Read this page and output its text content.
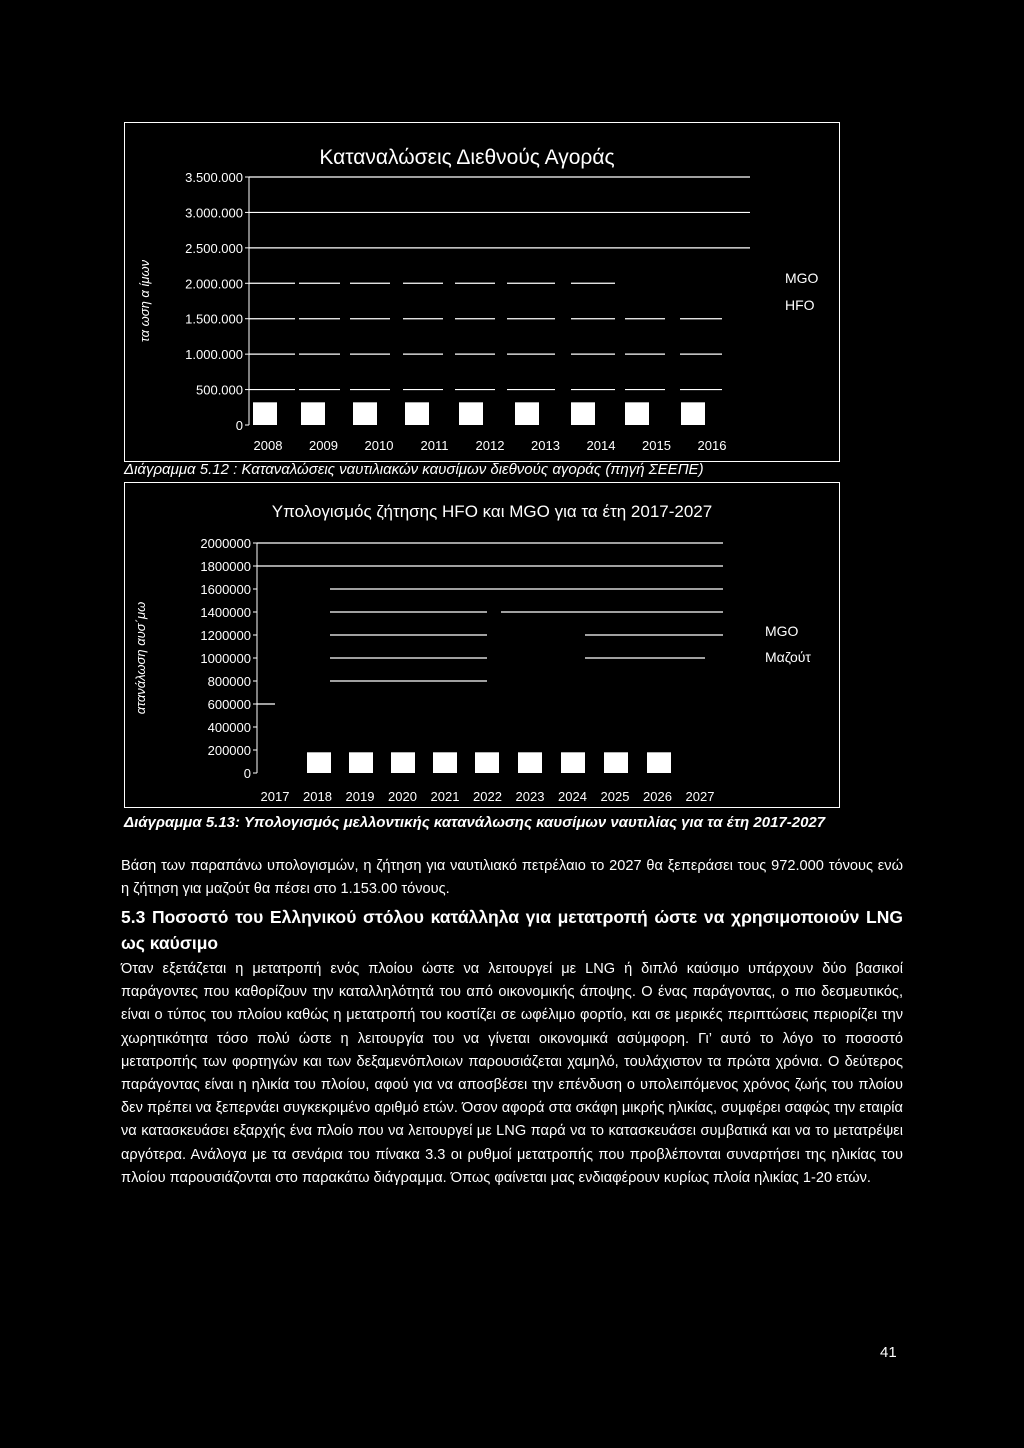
Καταναλώσεις Διεθνούς Αγοράς
τα ωση α ίμων
3.500.000
3.000.000
2.500.000
2.000.000
1.500.000
1.000.000
500.000
0
2008 2009 2010 2011 2012 2013 2014 2015 2016
MGO
HFO
Διάγραμμα 5.12 : Καταναλώσεις ναυτιλιακών καυσίμων διεθνούς αγοράς (πηγή ΣΕΕΠΕ)
Υπολογισμός ζήτησης HFO και MGO για τα έτη 2017-2027
ατανάλωση αυσ΄μω
2000000
1800000
1600000
1400000
1200000
1000000
800000
600000
400000
200000
0
2017 2018 2019 2020 2021 2022 2023 2024 2025 2026 2027
MGO
Μαζούτ
Διάγραμμα 5.13: Υπολογισμός μελλοντικής κατανάλωσης καυσίμων ναυτιλίας για τα έτη 2017-2027
Βάση των παραπάνω υπολογισμών, η ζήτηση για ναυτιλιακό πετρέλαιο το 2027 θα ξεπεράσει τους 972.000 τόνους ενώ η ζήτηση για μαζούτ θα πέσει στο 1.153.00 τόνους.
5.3 Ποσοστό του Ελληνικού στόλου κατάλληλα για μετατροπή ώστε να χρησιμοποιούν LNG ως καύσιμο
Όταν εξετάζεται η μετατροπή ενός πλοίου ώστε να λειτουργεί με LNG ή διπλό καύσιμο υπάρχουν δύο βασικοί παράγοντες που καθορίζουν την καταλληλότητά του από οικονομικής άποψης. Ο ένας παράγοντας, ο πιο δεσμευτικός, είναι ο τύπος του πλοίου καθώς η μετατροπή του κοστίζει σε ωφέλιμο φορτίο, και σε μερικές περιπτώσεις περιορίζει την χωρητικότητα τόσο πολύ ώστε η λειτουργία του να γίνεται οικονομικά ασύμφορη. Γι’ αυτό το λόγο το ποσοστό μετατροπής των φορτηγών και των δεξαμενόπλοιων παρουσιάζεται χαμηλό, τουλάχιστον τα πρώτα χρόνια. Ο δεύτερος παράγοντας είναι η ηλικία του πλοίου, αφού για να αποσβέσει την επένδυση ο υπολειπόμενος χρόνος ζωής του πλοίου δεν πρέπει να ξεπερνάει συγκεκριμένο αριθμό ετών. Όσον αφορά στα σκάφη μικρής ηλικίας, συμφέρει σαφώς την εταιρία να κατασκευάσει εξαρχής ένα πλοίο που να λειτουργεί με LNG παρά να το κατασκευάσει συμβατικά και να το μετατρέψει αργότερα. Ανάλογα με τα σενάρια του πίνακα 3.3 οι ρυθμοί μετατροπής που προβλέπονται συναρτήσει της ηλικίας του πλοίου παρουσιάζονται στο παρακάτω διάγραμμα. Όπως φαίνεται μας ενδιαφέρουν κυρίως πλοία ηλικίας 1-20 ετών.
41
